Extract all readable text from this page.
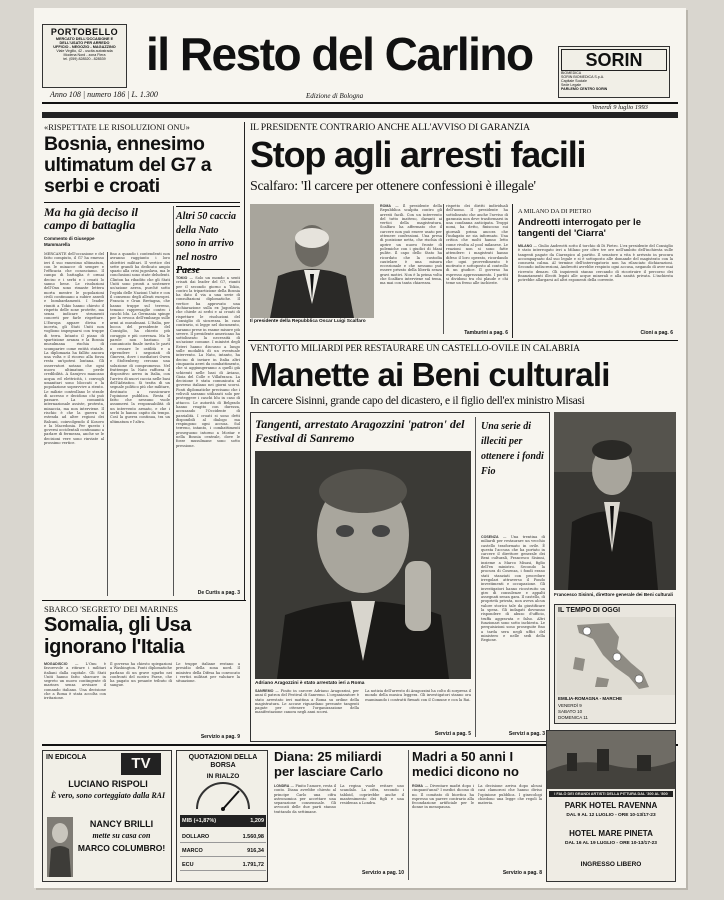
PORTOBELLO
MERCATO DELL'OCCASIONE E
DELL'USATO PER ARREDO
UFFICIO - NEGOZIO - MAGAZZINO
Viale Virgilio, 42 - uscita autostrada
Modena Nord - zona Fiera
tel. (059) 828520 - 828539 il Resto del Carlino	SORIN
BIOMEDICA
SORIN BIOMEDICA S.p.A.
Capitale Sociale
Sede Legale
PARLEMO CENTRO SORIN
Anno 108 | numero 186 | L. 1.300	Edizione di Bologna
Venerdì 9 luglio 1993
«RISPETTATE LE RISOLUZIONI ONU»
Bosnia, ennesimo ultimatum del G7 a serbi e croati
Ma ha già deciso il campo di battaglia
Commento di Giuseppe Mammarella
MERCANTE dell'occasione e del fatto compiuto, il G7 ha emesso ieri il suo ennesimo ultimatum, con le minacce di sempre e l'efficacia che conosciamo. Il campo di battaglia è ormai deciso e i serbi e i croati lo sanno bene. Le risoluzioni dell'Onu sono rimaste lettera morta mentre le popolazioni civili continuano a subire assedi e bombardamenti. I leader riuniti a Tokio hanno chiesto il rispetto delle zone protette, ma senza indicare strumenti concreti per farle rispettare. L'Europa appare divisa e incerta, gli Stati Uniti non vogliono impegnarsi con truppe di terra. Intanto il piano di spartizione avanza e la Bosnia musulmana rischia di scomparire come entità statale. La diplomazia ha fallito ancora una volta e il ricorso alla forza resta un'ipotesi lontana. Gli osservatori notano che ogni nuovo ultimatum perde credibilità. A Sarajevo mancano acqua ed elettricità, i convogli umanitari sono bloccati e la popolazione sopravvive a stento. Le milizie controllano le strade di accesso e decidono chi può passare. La comunità internazionale assiste, protesta, minaccia, ma non interviene. Il rischio è che la guerra si estenda ad altre regioni dei Balcani, coinvolgendo il Kosovo e la Macedonia. Per questo i governi occidentali continuano a parlare di fermezza, anche se le decisioni vere sono rinviate al prossimo vertice.
fino a quando i contendenti non avranno raggiunto i loro obiettivi militari. Il vertice dei sette grandi ha dedicato ampio spazio alla crisi jugoslava, ma le conclusioni sono state deludenti. Clinton ha ribadito che gli Stati Uniti sono pronti a sostenere un'azione aerea, purché sotto l'egida delle Nazioni Unite e con il consenso degli alleati europei. Francia e Gran Bretagna, che hanno truppe sul terreno, temono rappresaglie contro i caschi blu. La Germania spinge per la revoca dell'embargo sulle armi ai musulmani. L'Italia, per bocca del presidente del Consiglio, ha chiesto più coraggio e più coerenza. Ma le parole non bastano. Il comunicato finale invita le parti a cessare le ostilità e a riprendere i negoziati di Ginevra, dove i mediatori Owen e Stoltenberg cercano una soluzione di compromesso. Nel frattempo la Nato rafforza il dispositivo aereo in Italia, con l'arrivo di nuovi caccia nelle basi dell'Adriatico. Si tratta di un segnale politico più che militare, destinato a rassicurare l'opinione pubblica. Resta il fatto che nessuno vuole assumersi la responsabilità di un intervento armato, e che i serbi lo hanno capito da tempo. Così la guerra continua, tra un ultimatum e l'altro.
Altri 50 caccia della Nato sono in arrivo nel nostro Paese
TOKIO — Solo un mondo a senti crisati dai leader del G7, riuniti per il secondo giorno a Tokio, contro la tripartizione della Bosnia ha dato il via a una serie di consultazioni diplomatiche. Il vertice ha approvato una dichiarazione sulla ex Jugoslavia che chiede ai serbi e ai croati di rispettare le risoluzioni del Consiglio di sicurezza. In caso contrario, si legge nel documento, saranno prese in esame misure più severe. Il presidente americano ha sottolineato la necessità di un'azione comune. I ministri degli Esteri hanno discusso a lungo sulle modalità di un eventuale intervento. La Nato, intanto, ha deciso di inviare in Italia altri cinquanta aerei da combattimento, che si aggiungeranno a quelli già schierati nelle basi di Aviano, Gioia del Colle e Villafranca. La decisione è stata comunicata al governo italiano nei giorni scorsi. Fonti diplomatiche precisano che i velivoli saranno utilizzati solo per proteggere i caschi blu in caso di attacco. Le autorità di Belgrado hanno reagito con durezza, accusando l'Occidente di parzialità. I croati si sono detti disponibili al dialogo ma respingono ogni accusa. Sul terreno, intanto, i combattimenti proseguono intorno a Mostar e nella Bosnia centrale, dove le forze musulmane sono sotto pressione.
De Curtis a pag. 3
IL PRESIDENTE CONTRARIO ANCHE ALL'AVVISO DI GARANZIA
Stop agli arresti facili
Scalfaro: 'Il carcere per ottenere confessioni è illegale'
Il presidente della Repubblica Oscar Luigi Scalfaro
ROMA — Il presidente della Repubblica scalpita contro gli arresti facili. Con un intervento del tutto inatteso, davanti ai vertici della magistratura, Scalfaro ha affermato che il carcere non può essere usato per ottenere confessioni. Una presa di posizione netta, che rischia di aprire un nuovo fronte di polemiche con i giudici di Mani pulite. Il capo dello Stato ha ricordato che la custodia cautelare è una misura eccezionale e che nessuno può essere privato della libertà senza gravi motivi. Non è la prima volta che Scalfaro interviene sul tema, ma mai con tanta chiarezza.
rispetto dei diritti individuali dell'uomo. Il presidente ha sottolineato che anche l'avviso di garanzia non deve trasformarsi in una condanna anticipata. Troppi nomi, ha detto, finiscono sui giornali prima ancora che l'indagato ne sia informato. Una critica che molti hanno letto come rivolta al pool milanese. Le reazioni non si sono fatte attendere: i magistrati hanno difeso il loro operato, ricordando che ogni provvedimento è motivato e sottoposto al controllo di un giudice. Il governo ha espresso apprezzamento. I partiti si dividono tra chi plaude e chi teme un freno alle inchieste.
Tamburini a pag. 6
A MILANO DA DI PIETRO
Andreotti interrogato per le tangenti del 'Ciarra'
MILANO — Giulio Andreotti sotto il torchio di Di Pietro. L'ex presidente del Consiglio è stato interrogato ieri a Milano per oltre tre ore nell'ambito dell'inchiesta sulle tangenti pagate da Ciarrapico al partito. Il senatore a vita è arrivato in procura accompagnato dal suo legale e si è sottoposto alle domande del magistrato con la consueta calma. Al termine dell'interrogatorio non ha rilasciato dichiarazioni. Secondo indiscrezioni, Andreotti avrebbe respinto ogni accusa, negando di aver mai ricevuto denaro. Gli inquirenti stanno cercando di ricostruire il percorso dei finanziamenti illeciti legati alle acque minerali e alla sanità privata. L'inchiesta potrebbe allargarsi ad altri esponenti della corrente.
Cioni a pag. 6
VENTOTTO MILIARDI PER RESTAURARE UN CASTELLO-OVILE IN CALABRIA
Manette ai Beni culturali
In carcere Sisinni, grande capo del dicastero, e il figlio dell'ex ministro Misasi
Tangenti, arrestato Aragozzini 'patron' del Festival di Sanremo
Adriano Aragozzini è stato arrestato ieri a Roma
SANREMO — Finito in carcere Adriano Aragozzini, per anni il patron del Festival di Sanremo. L'organizzatore è stato arrestato ieri mattina a Roma su ordine della magistratura. Le accuse riguardano presunte tangenti pagate per ottenere l'organizzazione della manifestazione canora negli anni scorsi.
La notizia dell'arresto di Aragozzini ha colto di sorpresa il mondo della musica leggera. Gli investigatori stanno ora esaminando i contratti firmati con il Comune e con la Rai.
Servizi a pag. 5
Una serie di illeciti per ottenere i fondi Fio
COSENZA — Una trentina di miliardi per restaurare un vecchio castello trasformato in ovile. È questa l'accusa che ha portato in carcere il direttore generale dei Beni culturali, Francesco Sisinni, insieme a Marco Misasi, figlio dell'ex ministro. Secondo la procura di Cosenza, i fondi erano stati stanziati con procedure irregolari attraverso il Fondo investimenti e occupazione. Gli investigatori hanno ricostruito un giro di consulenze e appalti assegnati senza gara. Il castello, di proprietà privata, non aveva alcun valore storico tale da giustificare la spesa. Gli indagati dovranno rispondere di abuso d'ufficio, truffa aggravata e falso. Altri funzionari sono sotto inchiesta. Le perquisizioni sono proseguite fino a tarda sera negli uffici del ministero e nelle sedi della Regione.
Servizi a pag. 3
Francesco Sisinni, direttore generale dei Beni culturali
IL TEMPO DI OGGI
EMILIA-ROMAGNA - MARCHE
VENERDÌ 9
SABATO 10
DOMENICA 11
SBARCO 'SEGRETO' DEI MARINES
Somalia, gli Usa ignorano l'Italia
MOGADISCIO — L'Onu è favorevole a ritirare i militari italiani dalla capitale. Gli Stati Uniti hanno fatto sbarcare in segreto un nuovo contingente di marines senza avvisare il comando italiano. Una decisione che a Roma è stata accolta con irritazione.
Il governo ha chiesto spiegazioni a Washington. Fonti diplomatiche parlano di un grave sgarbo nei confronti del nostro Paese, che ha pagato un pesante tributo di sangue.
Le truppe italiane restano a presidio della zona nord. Il ministro della Difesa ha convocato i vertici militari per valutare la situazione.
Servizio a pag. 9
IN EDICOLA	TV
LUCIANO RISPOLI
È vero, sono corteggiato dalla RAI
NANCY BRILLI
mette su casa con
MARCO COLUMBRO!
QUOTAZIONI DELLA BORSA
IN RIALZO
MIB (+1,87%)	1,209
DOLLARO	1.560,98
MARCO	916,34
ECU	1.791,72
Diana: 25 miliardi per lasciare Carlo
LONDRA — Finito l'amore, resta il conto. Diana avrebbe chiesto al principe Carlo una cifra astronomica per accettare una separazione consensuale. Gli avvocati delle due parti stanno trattando da settimane.
La regina vuole evitare uno scandalo. La cifra, secondo i tabloid, coprirebbe anche il mantenimento dei figli e una residenza a Londra.
Servizio a pag. 10
Madri a 50 anni I medici dicono no
ROMA — Diventare madri dopo i cinquant'anni? I medici dicono di no. Il comitato di bioetica ha espresso un parere contrario alla fecondazione artificiale per le donne in menopausa.
La decisione arriva dopo alcuni casi clamorosi che hanno diviso l'opinione pubblica. I ginecologi chiedono una legge che regoli la materia.
Servizio a pag. 8
I FALÒ DEI GRANDI ARTISTI DELLA PITTURA DAL '300 AL '800
PARK HOTEL RAVENNA
DAL 9 AL 12 LUGLIO - ORE 10-13/17-23
HOTEL MARE PINETA
DAL 16 AL 19 LUGLIO - ORE 10-13/17-23
INGRESSO LIBERO
